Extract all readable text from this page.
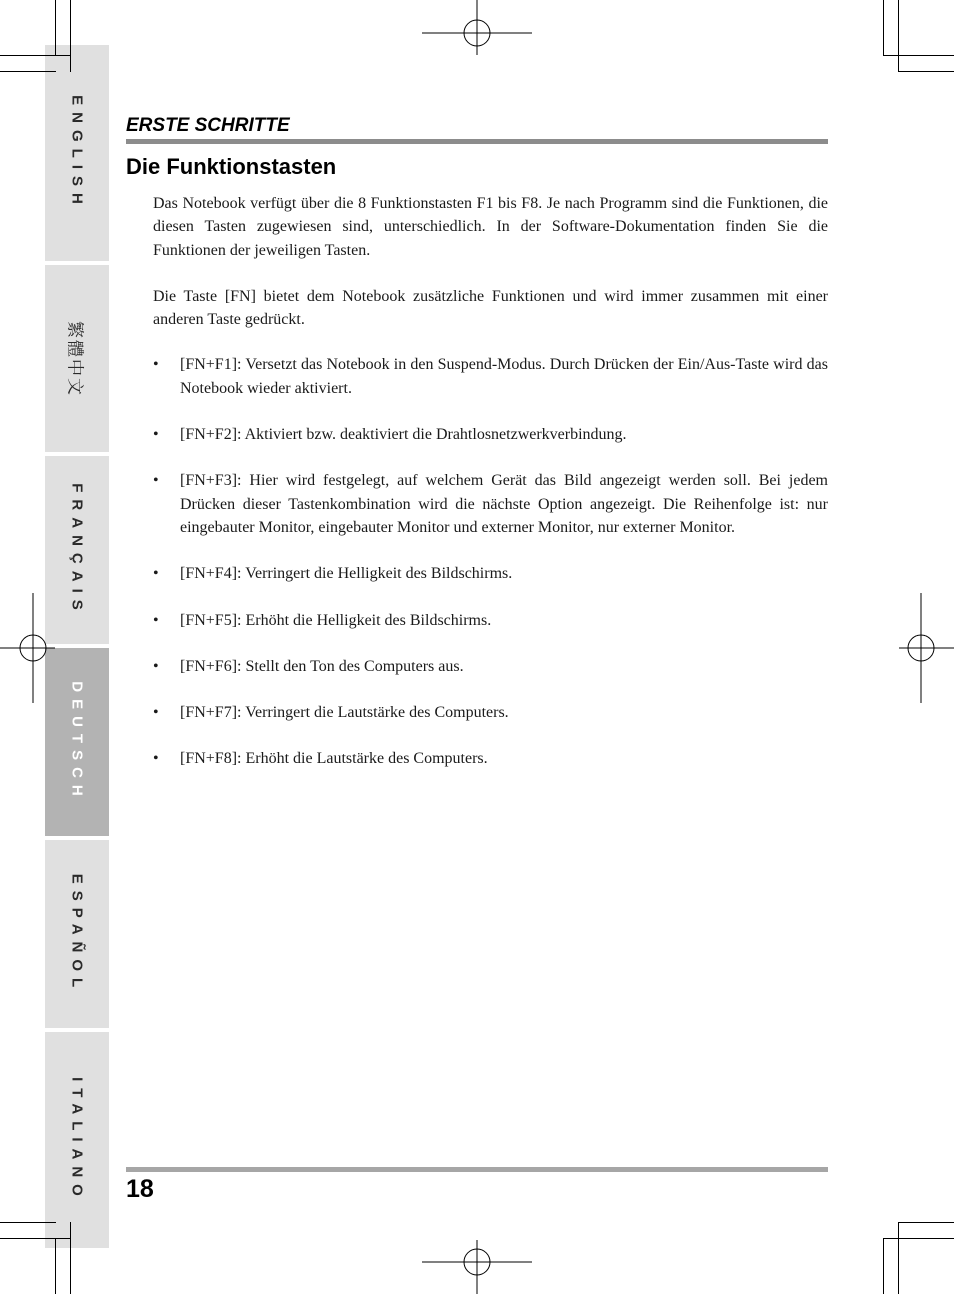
ENGLISH
繁體中文
FRANÇAIS
DEUTSCH
ESPAÑOL
ITALIANO
ERSTE SCHRITTE
Die Funktionstasten

Das Notebook verfügt über die 8 Funktionstasten F1 bis F8. Je nach Programm sind die Funktionen, die diesen Tasten zugewiesen sind, unterschiedlich. In der Software-Dokumentation finden Sie die Funktionen der jeweiligen Tasten.

Die Taste [FN] bietet dem Notebook zusätzliche Funktionen und wird immer zusammen mit einer anderen Taste gedrückt.

• [FN+F1]: Versetzt das Notebook in den Suspend-Modus. Durch Drücken der Ein/Aus-Taste wird das Notebook wieder aktiviert.
• [FN+F2]: Aktiviert bzw. deaktiviert die Drahtlosnetzwerkverbindung.
• [FN+F3]: Hier wird festgelegt, auf welchem Gerät das Bild angezeigt werden soll. Bei jedem Drücken dieser Tastenkombination wird die nächste Option angezeigt. Die Reihenfolge ist: nur eingebauter Monitor, eingebauter Monitor und externer Monitor, nur externer Monitor.
• [FN+F4]: Verringert die Helligkeit des Bildschirms.
• [FN+F5]: Erhöht die Helligkeit des Bildschirms.
• [FN+F6]: Stellt den Ton des Computers aus.
• [FN+F7]: Verringert die Lautstärke des Computers.
• [FN+F8]: Erhöht die Lautstärke des Computers.
18
